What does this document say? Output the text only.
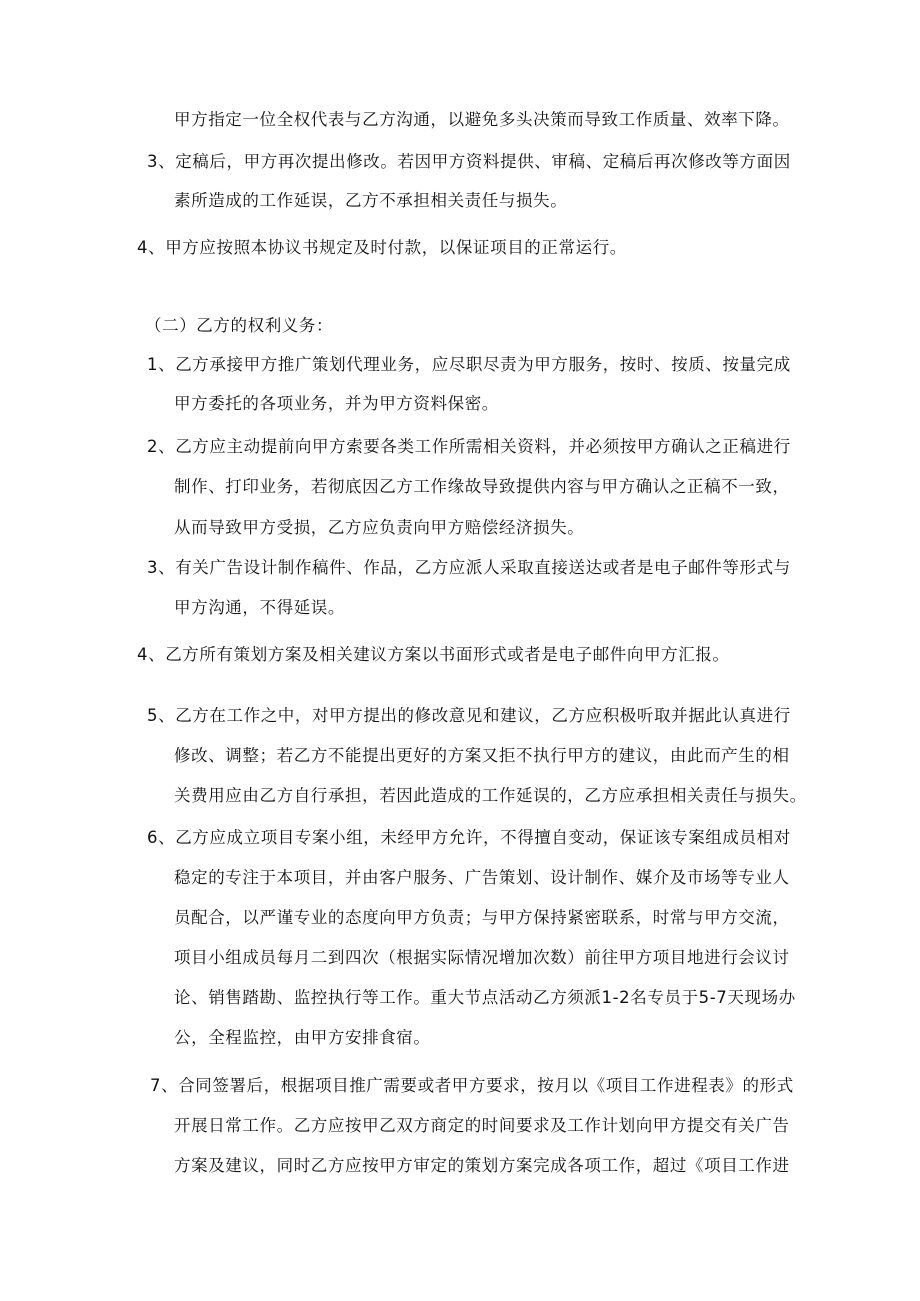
甲方指定一位全权代表与乙方沟通，以避免多头决策而导致工作质量、效率下降。
3、定稿后，甲方再次提出修改。若因甲方资料提供、审稿、定稿后再次修改等方面因
素所造成的工作延误，乙方不承担相关责任与损失。
4、甲方应按照本协议书规定及时付款，以保证项目的正常运行。
（二）乙方的权利义务：
1、乙方承接甲方推广策划代理业务，应尽职尽责为甲方服务，按时、按质、按量完成
甲方委托的各项业务，并为甲方资料保密。
2、乙方应主动提前向甲方索要各类工作所需相关资料，并必须按甲方确认之正稿进行
制作、打印业务，若彻底因乙方工作缘故导致提供内容与甲方确认之正稿不一致，
从而导致甲方受损，乙方应负责向甲方赔偿经济损失。
3、有关广告设计制作稿件、作品，乙方应派人采取直接送达或者是电子邮件等形式与
甲方沟通，不得延误。
4、乙方所有策划方案及相关建议方案以书面形式或者是电子邮件向甲方汇报。
5、乙方在工作之中，对甲方提出的修改意见和建议，乙方应积极听取并据此认真进行
修改、调整；若乙方不能提出更好的方案又拒不执行甲方的建议，由此而产生的相
关费用应由乙方自行承担，若因此造成的工作延误的，乙方应承担相关责任与损失。
6、乙方应成立项目专案小组，未经甲方允许，不得擅自变动，保证该专案组成员相对
稳定的专注于本项目，并由客户服务、广告策划、设计制作、媒介及市场等专业人
员配合，以严谨专业的态度向甲方负责；与甲方保持紧密联系，时常与甲方交流，
项目小组成员每月二到四次（根据实际情况增加次数）前往甲方项目地进行会议讨
论、销售踏勘、监控执行等工作。重大节点活动乙方须派1-2名专员于5-7天现场办
公，全程监控，由甲方安排食宿。
7、合同签署后，根据项目推广需要或者甲方要求，按月以《项目工作进程表》的形式
开展日常工作。乙方应按甲乙双方商定的时间要求及工作计划向甲方提交有关广告
方案及建议，同时乙方应按甲方审定的策划方案完成各项工作，超过《项目工作进
